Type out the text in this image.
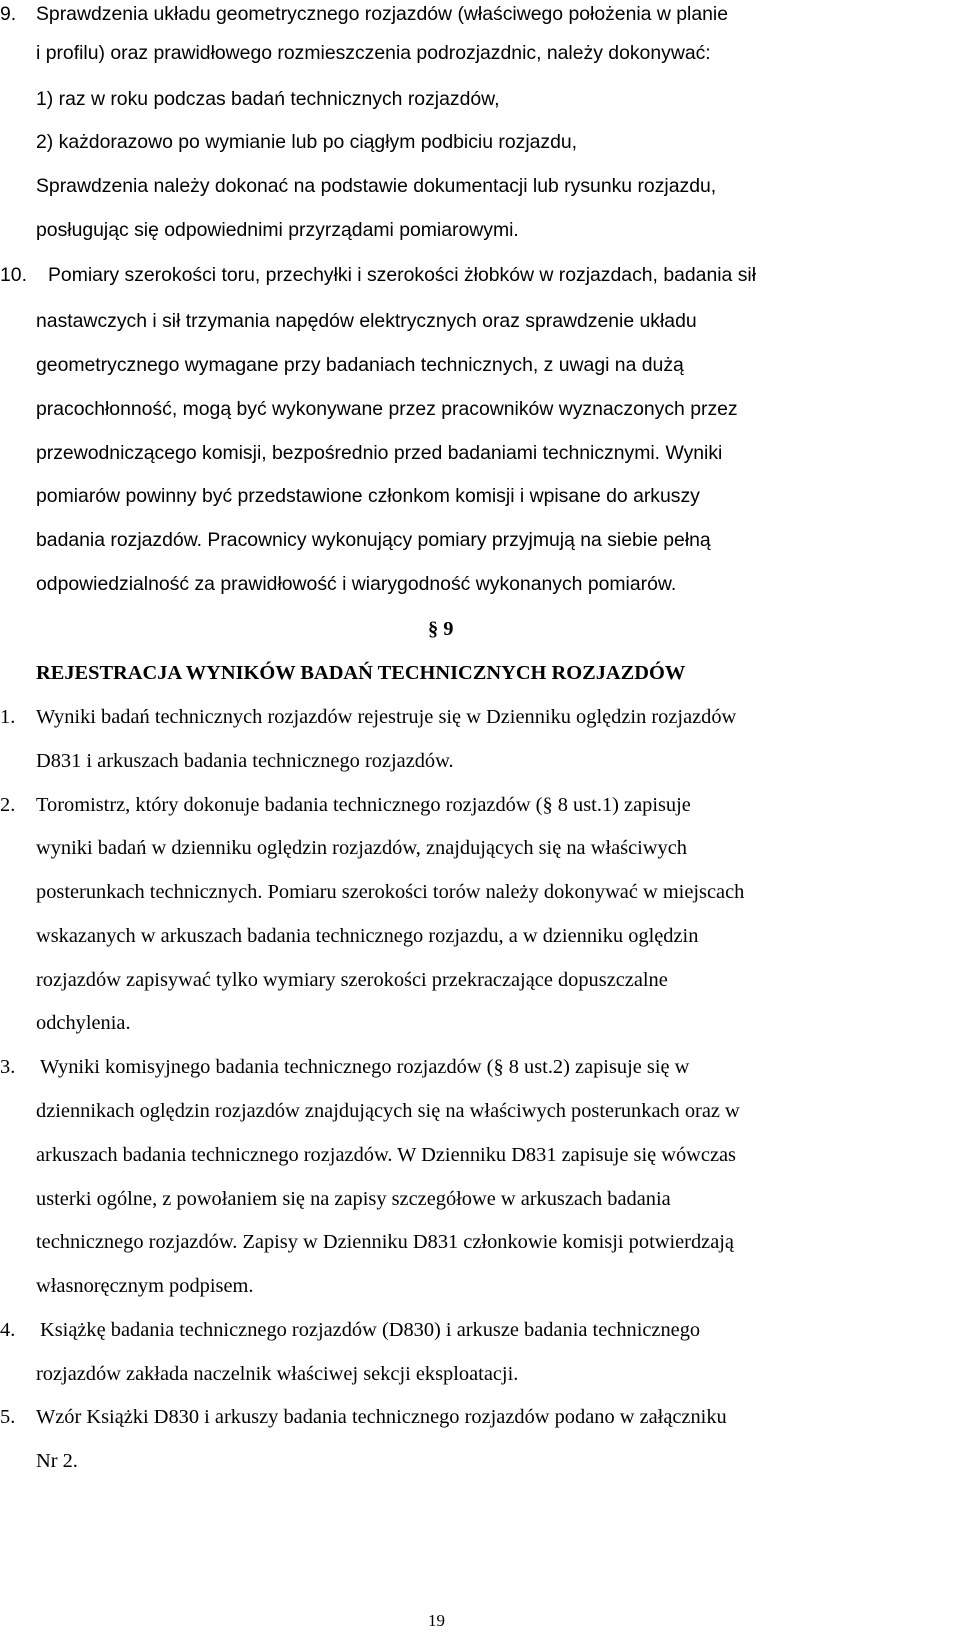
9. Sprawdzenia układu geometrycznego rozjazdów (właściwego położenia w planie
i profilu) oraz prawidłowego rozmieszczenia podrozjazdnic, należy dokonywać:
1) raz w roku podczas badań technicznych rozjazdów,
2) każdorazowo po wymianie lub po ciągłym podbiciu rozjazdu,
Sprawdzenia należy dokonać na podstawie dokumentacji lub rysunku rozjazdu,
posługując się odpowiednimi przyrządami pomiarowymi.
10. Pomiary szerokości toru, przechyłki i szerokości żłobków w rozjazdach, badania sił
nastawczych i sił trzymania napędów elektrycznych oraz sprawdzenie układu
geometrycznego wymagane przy badaniach technicznych, z uwagi na dużą
pracochłonność, mogą być wykonywane przez pracowników wyznaczonych przez
przewodniczącego komisji, bezpośrednio przed badaniami technicznymi. Wyniki
pomiarów powinny być przedstawione członkom komisji i wpisane do arkuszy
badania rozjazdów. Pracownicy wykonujący pomiary przyjmują na siebie pełną
odpowiedzialność za prawidłowość i wiarygodność wykonanych pomiarów.
§ 9
REJESTRACJA WYNIKÓW BADAŃ TECHNICZNYCH ROZJAZDÓW
1. Wyniki badań technicznych rozjazdów rejestruje się w Dzienniku oględzin rozjazdów
D831 i arkuszach badania technicznego rozjazdów.
2. Toromistrz, który dokonuje badania technicznego rozjazdów (§ 8 ust.1) zapisuje
wyniki badań w dzienniku oględzin rozjazdów, znajdujących się na właściwych
posterunkach technicznych. Pomiaru szerokości torów należy dokonywać w miejscach
wskazanych w arkuszach badania technicznego rozjazdu, a w dzienniku oględzin
rozjazdów zapisywać tylko wymiary szerokości przekraczające dopuszczalne
odchylenia.
3. Wyniki komisyjnego badania technicznego rozjazdów (§ 8 ust.2) zapisuje się w
dziennikach oględzin rozjazdów znajdujących się na właściwych posterunkach oraz w
arkuszach badania technicznego rozjazdów. W Dzienniku D831 zapisuje się wówczas
usterki ogólne, z powołaniem się na zapisy szczegółowe w arkuszach badania
technicznego rozjazdów. Zapisy w Dzienniku D831 członkowie komisji potwierdzają
własnoręcznym podpisem.
4. Książkę badania technicznego rozjazdów (D830) i arkusze badania technicznego
rozjazdów zakłada naczelnik właściwej sekcji eksploatacji.
5. Wzór Książki D830 i arkuszy badania technicznego rozjazdów podano w załączniku
Nr 2.
19
